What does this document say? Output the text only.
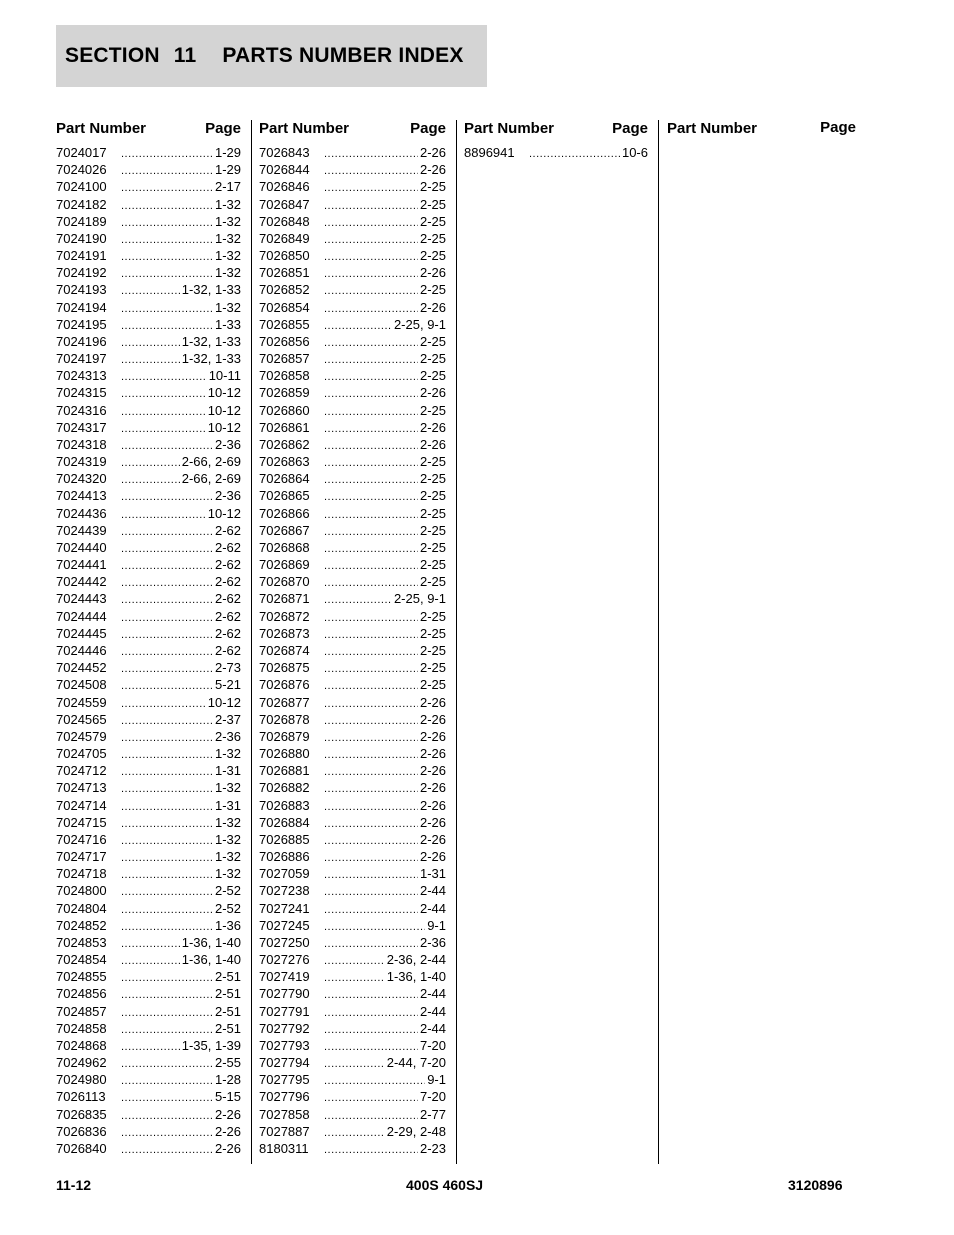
SECTION 11 PARTS NUMBER INDEX
Part Number	Page
7024017 .....	1-29
7024026 .....	1-29
7024100 .....	2-17
7024182 .....	1-32
7024189 .....	1-32
7024190 .....	1-32
7024191 .....	1-32
7024192 .....	1-32
7024193 .....	1-32, 1-33
7024194 .....	1-32
7024195 .....	1-33
7024196 .....	1-32, 1-33
7024197 .....	1-32, 1-33
7024313 .....	10-11
7024315 .....	10-12
7024316 .....	10-12
7024317 .....	10-12
7024318 .....	2-36
7024319 .....	2-66, 2-69
7024320 .....	2-66, 2-69
7024413 .....	2-36
7024436 .....	10-12
7024439 .....	2-62
7024440 .....	2-62
7024441 .....	2-62
7024442 .....	2-62
7024443 .....	2-62
7024444 .....	2-62
7024445 .....	2-62
7024446 .....	2-62
7024452 .....	2-73
7024508 .....	5-21
7024559 .....	10-12
7024565 .....	2-37
7024579 .....	2-36
7024705 .....	1-32
7024712 .....	1-31
7024713 .....	1-32
7024714 .....	1-31
7024715 .....	1-32
7024716 .....	1-32
7024717 .....	1-32
7024718 .....	1-32
7024800 .....	2-52
7024804 .....	2-52
7024852 .....	1-36
7024853 .....	1-36, 1-40
7024854 .....	1-36, 1-40
7024855 .....	2-51
7024856 .....	2-51
7024857 .....	2-51
7024858 .....	2-51
7024868 .....	1-35, 1-39
7024962 .....	2-55
7024980 .....	1-28
7026113 .....	5-15
7026835 .....	2-26
7026836 .....	2-26
7026840 .....	2-26
Part Number	Page
7026843 .....	2-26
7026844 .....	2-26
7026846 .....	2-25
7026847 .....	2-25
7026848 .....	2-25
7026849 .....	2-25
7026850 .....	2-25
7026851 .....	2-26
7026852 .....	2-25
7026854 .....	2-26
7026855 .....	2-25, 9-1
7026856 .....	2-25
7026857 .....	2-25
7026858 .....	2-25
7026859 .....	2-26
7026860 .....	2-25
7026861 .....	2-26
7026862 .....	2-26
7026863 .....	2-25
7026864 .....	2-25
7026865 .....	2-25
7026866 .....	2-25
7026867 .....	2-25
7026868 .....	2-25
7026869 .....	2-25
7026870 .....	2-25
7026871 .....	2-25, 9-1
7026872 .....	2-25
7026873 .....	2-25
7026874 .....	2-25
7026875 .....	2-25
7026876 .....	2-25
7026877 .....	2-26
7026878 .....	2-26
7026879 .....	2-26
7026880 .....	2-26
7026881 .....	2-26
7026882 .....	2-26
7026883 .....	2-26
7026884 .....	2-26
7026885 .....	2-26
7026886 .....	2-26
7027059 .....	1-31
7027238 .....	2-44
7027241 .....	2-44
7027245 .....	9-1
7027250 .....	2-36
7027276 .....	2-36, 2-44
7027419 .....	1-36, 1-40
7027790 .....	2-44
7027791 .....	2-44
7027792 .....	2-44
7027793 .....	7-20
7027794 .....	2-44, 7-20
7027795 .....	9-1
7027796 .....	7-20
7027858 .....	2-77
7027887 .....	2-29, 2-48
8180311 .....	2-23
Part Number	Page
8896941 .....	10-6
Part Number	Page
11-12	400S 460SJ	3120896
